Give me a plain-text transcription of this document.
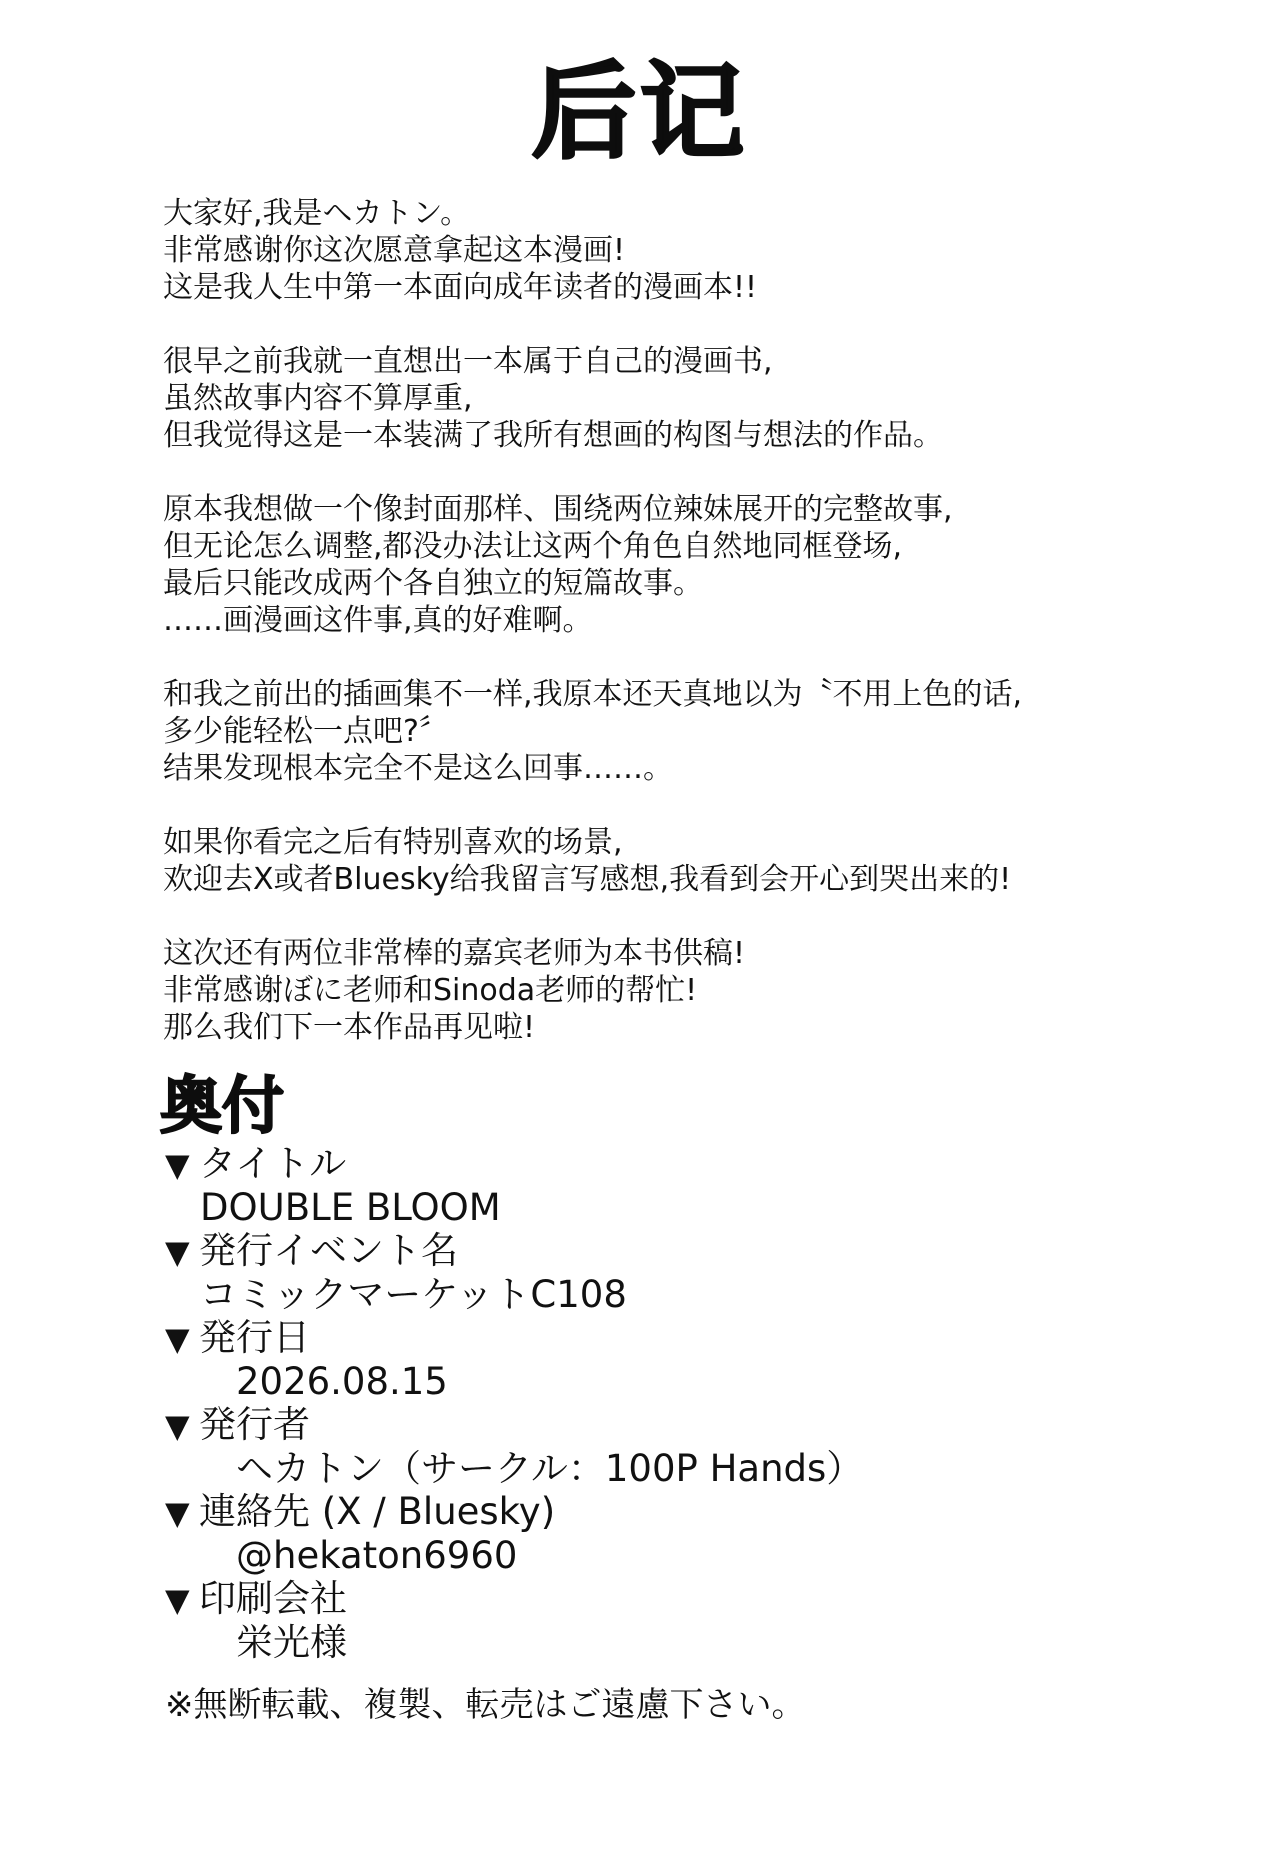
后记
大家好,我是ヘカトン。
非常感谢你这次愿意拿起这本漫画!
这是我人生中第一本面向成年读者的漫画本!!
很早之前我就一直想出一本属于自己的漫画书,
虽然故事内容不算厚重,
但我觉得这是一本装满了我所有想画的构图与想法的作品。
原本我想做一个像封面那样、围绕两位辣妹展开的完整故事,
但无论怎么调整,都没办法让这两个角色自然地同框登场,
最后只能改成两个各自独立的短篇故事。
……画漫画这件事,真的好难啊。
和我之前出的插画集不一样,我原本还天真地以为〝不用上色的话,
多少能轻松一点吧?〞
结果发现根本完全不是这么回事……。
如果你看完之后有特别喜欢的场景,
欢迎去X或者Bluesky给我留言写感想,我看到会开心到哭出来的!
这次还有两位非常棒的嘉宾老师为本书供稿!
非常感谢ぼに老师和Sinoda老师的帮忙!
那么我们下一本作品再见啦!
奥付
▼ タイトル
DOUBLE BLOOM
▼ 発行イベント名
コミックマーケットC108
▼ 発行日
2026.08.15
▼ 発行者
ヘカトン（サークル：100P Hands）
▼ 連絡先 (X / Bluesky)
@hekaton6960
▼ 印刷会社
栄光様
※無断転載、複製、転売はご遠慮下さい。
